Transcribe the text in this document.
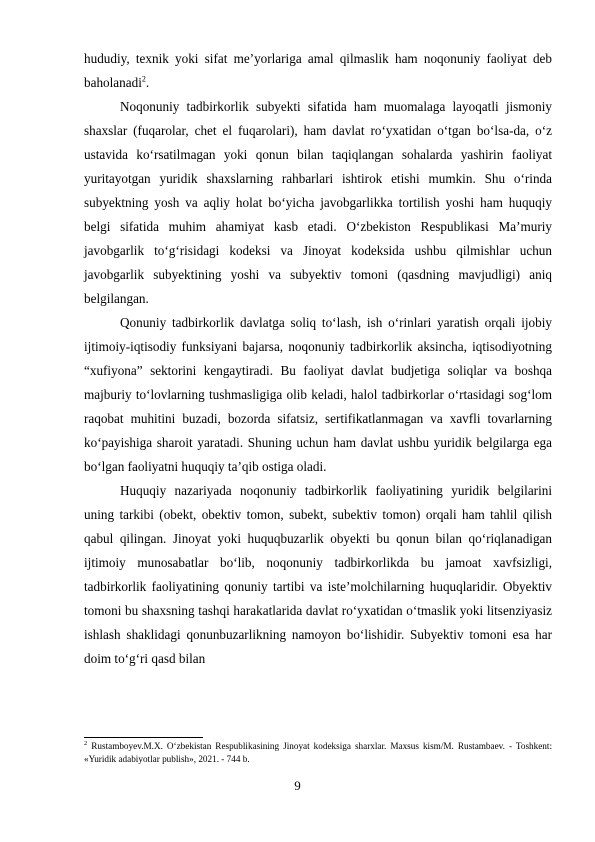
hududiy, texnik yoki sifat me’yorlariga amal qilmaslik ham noqonuniy faoliyat deb baholanadi$^2$.

Noqonuniy tadbirkorlik subyekti sifatida ham muomalaga layoqatli jismoniy shaxslar (fuqarolar, chet el fuqarolari), ham davlat ro‘yxatidan o‘tgan bo‘lsa-da, o‘z ustavida ko‘rsatilmagan yoki qonun bilan taqiqlangan sohalarda yashirin faoliyat yuritayotgan yuridik shaxslarning rahbarlari ishtirok etishi mumkin. Shu o‘rinda subyektning yosh va aqliy holat bo‘yicha javobgarlikka tortilish yoshi ham huquqiy belgi sifatida muhim ahamiyat kasb etadi. O‘zbekiston Respublikasi Ma’muriy javobgarlik to‘g‘risidagi kodeksi va Jinoyat kodeksida ushbu qilmishlar uchun javobgarlik subyektining yoshi va subyektiv tomoni (qasdning mavjudligi) aniq belgilangan.

Qonuniy tadbirkorlik davlatga soliq to‘lash, ish o‘rinlari yaratish orqali ijobiy ijtimoiy-iqtisodiy funksiyani bajarsa, noqonuniy tadbirkorlik aksincha, iqtisodiyotning “xufiyona” sektorini kengaytiradi. Bu faoliyat davlat budjetiga soliqlar va boshqa majburiy to‘lovlarning tushmasligiga olib keladi, halol tadbirkorlar o‘rtasidagi sog‘lom raqobat muhitini buzadi, bozorda sifatsiz, sertifikatlanmagan va xavfli tovarlarning ko‘payishiga sharoit yaratadi. Shuning uchun ham davlat ushbu yuridik belgilarga ega bo‘lgan faoliyatni huquqiy ta’qib ostiga oladi.

Huquqiy nazariyada noqonuniy tadbirkorlik faoliyatining yuridik belgilarini uning tarkibi (obekt, obektiv tomon, subekt, subektiv tomon) orqali ham tahlil qilish qabul qilingan. Jinoyat yoki huquqbuzarlik obyekti bu qonun bilan qo‘riqlanadigan ijtimoiy munosabatlar bo‘lib, noqonuniy tadbirkorlikda bu jamoat xavfsizligi, tadbirkorlik faoliyatining qonuniy tartibi va iste’molchilarning huquqlaridir. Obyektiv tomoni bu shaxsning tashqi harakatlarida davlat ro‘yxatidan o‘tmaslik yoki litsenziyasiz ishlash shaklidagi qonunbuzarlikning namoyon bo‘lishidir. Subyektiv tomoni esa har doim to‘g‘ri qasd bilan

$^2$ Rustamboyev.M.X. O‘zbekistan Respublikasining Jinoyat kodeksiga sharxlar. Maxsus kism/M. Rustambaev. - Toshkent: «Yuridik adabiyotlar publish», 2021. - 744 b.
9
